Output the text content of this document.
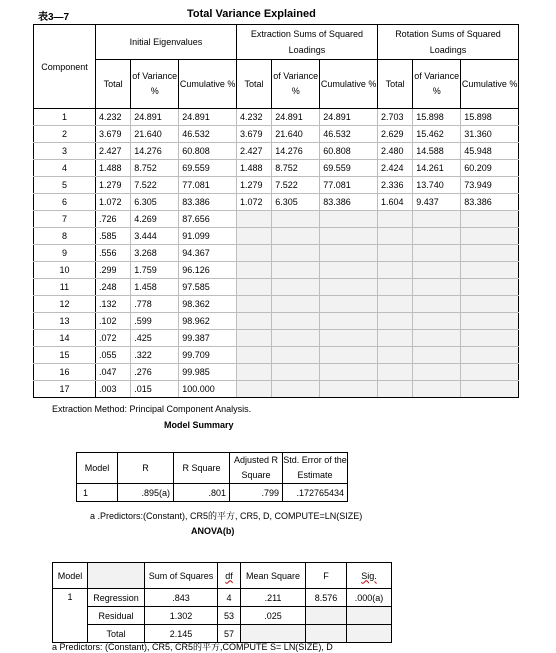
表3—7	Total Variance Explained
Component	Initial Eigenvalues			Extraction Sums of Squared Loadings			Rotation Sums of Squared Loadings		
	Total	of Variance %	Cumulative %	Total	of Variance %	Cumulative %	Total	of Variance %	Cumulative %
1	4.232	24.891	24.891	4.232	24.891	24.891	2.703	15.898	15.898
2	3.679	21.640	46.532	3.679	21.640	46.532	2.629	15.462	31.360
3	2.427	14.276	60.808	2.427	14.276	60.808	2.480	14.588	45.948
4	1.488	8.752	69.559	1.488	8.752	69.559	2.424	14.261	60.209
5	1.279	7.522	77.081	1.279	7.522	77.081	2.336	13.740	73.949
6	1.072	6.305	83.386	1.072	6.305	83.386	1.604	9.437	83.386
7	.726	4.269	87.656						
8	.585	3.444	91.099						
9	.556	3.268	94.367						
10	.299	1.759	96.126						
11	.248	1.458	97.585						
12	.132	.778	98.362						
13	.102	.599	98.962						
14	.072	.425	99.387						
15	.055	.322	99.709						
16	.047	.276	99.985						
17	.003	.015	100.000						
Extraction Method: Principal Component Analysis.
Model Summary
Model	R	R Square	Adjusted R Square	Std. Error of the Estimate
1	.895(a)	.801	.799	.172765434
a .Predictors:(Constant), CR5的平方, CR5, D, COMPUTE=LN(SIZE)
ANOVA(b)
Model		Sum of Squares	df	Mean Square	F	Sig.
1	Regression	.843	4	.211	8.576	.000(a)
	Residual	1.302	53	.025		
	Total	2.145	57			
a Predictors: (Constant), CR5, CR5的平方,COMPUTE S= LN(SIZE), D
